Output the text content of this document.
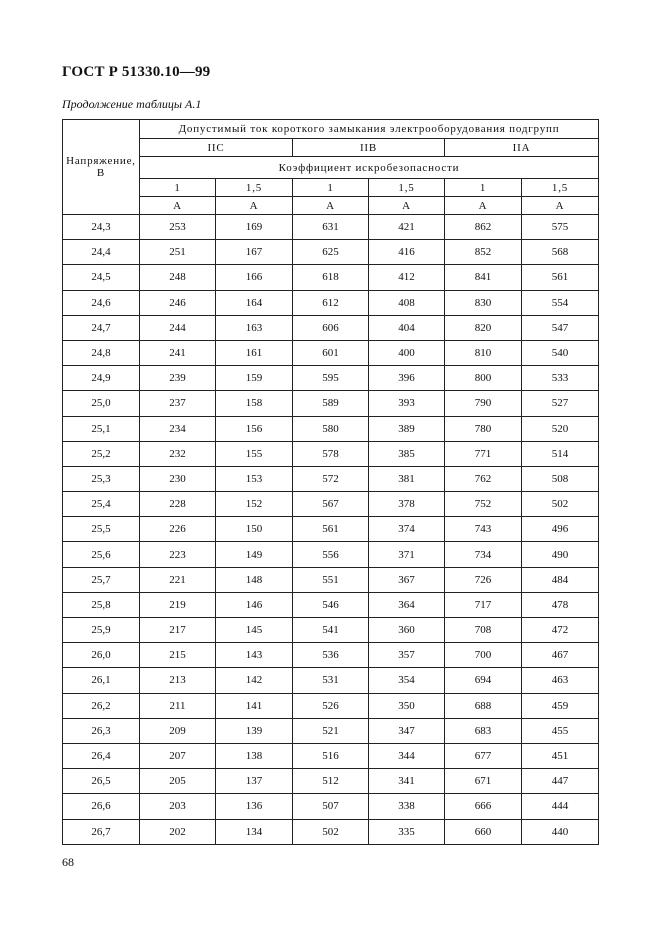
ГОСТ Р 51330.10—99
Продолжение таблицы А.1
Напряжение,
В	Допустимый ток короткого замыкания электрооборудования подгрупп					
	IIC		IIB		IIA	
	Коэффициент искробезопасности					
	1	1,5	1	1,5	1	1,5
	А	А	А	А	А	А
24,3	253	169	631	421	862	575
24,4	251	167	625	416	852	568
24,5	248	166	618	412	841	561
24,6	246	164	612	408	830	554
24,7	244	163	606	404	820	547
24,8	241	161	601	400	810	540
24,9	239	159	595	396	800	533
25,0	237	158	589	393	790	527
25,1	234	156	580	389	780	520
25,2	232	155	578	385	771	514
25,3	230	153	572	381	762	508
25,4	228	152	567	378	752	502
25,5	226	150	561	374	743	496
25,6	223	149	556	371	734	490
25,7	221	148	551	367	726	484
25,8	219	146	546	364	717	478
25,9	217	145	541	360	708	472
26,0	215	143	536	357	700	467
26,1	213	142	531	354	694	463
26,2	211	141	526	350	688	459
26,3	209	139	521	347	683	455
26,4	207	138	516	344	677	451
26,5	205	137	512	341	671	447
26,6	203	136	507	338	666	444
26,7	202	134	502	335	660	440
68
